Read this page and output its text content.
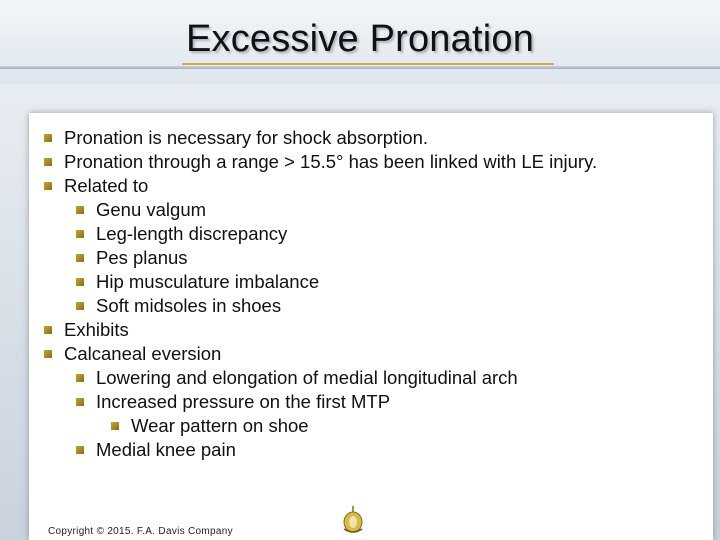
Excessive Pronation
Pronation is necessary for shock absorption.
Pronation through a range > 15.5° has been linked with LE injury.
Related to
Genu valgum
Leg-length discrepancy
Pes planus
Hip musculature imbalance
Soft midsoles in shoes
Exhibits
Calcaneal eversion
Lowering and elongation of medial longitudinal arch
Increased pressure on the first MTP
Wear pattern on shoe
Medial knee pain
Copyright © 2015. F.A. Davis Company
